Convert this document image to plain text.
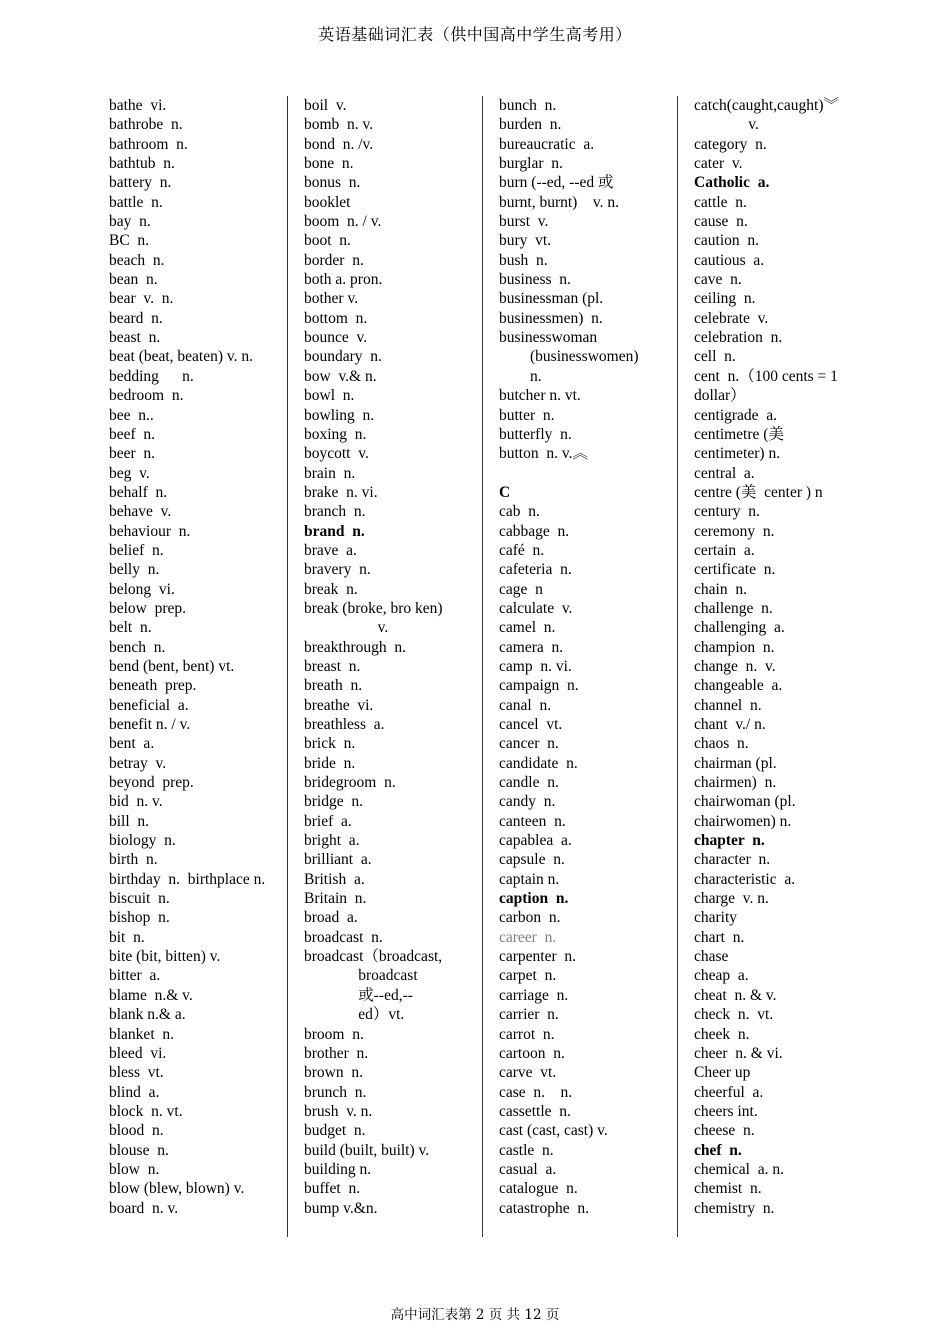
英语基础词汇表（供中国高中学生高考用）
bathe  vi.
bathrobe  n.
bathroom  n.
bathtub  n.
battery  n.
battle  n.
bay  n.
BC  n.
beach  n.
bean  n.
bear  v.  n.
beard  n.
beast  n.
beat (beat, beaten) v. n.
bedding      n.
bedroom  n.
bee  n..
beef  n.
beer  n.
beg  v.
behalf  n.
behave  v.
behaviour  n.
belief  n.
belly  n.
belong  vi.
below  prep.
belt  n.
bench  n.
bend (bent, bent) vt.
beneath  prep.
beneficial  a.
benefit n. / v.
bent  a.
betray  v.
beyond  prep.
bid  n. v.
bill  n.
biology  n.
birth  n.
birthday  n.  birthplace n.
biscuit  n.
bishop  n.
bit  n.
bite (bit, bitten) v.
bitter  a.
blame  n.& v.
blank n.& a.
blanket  n.
bleed  vi.
bless  vt.
blind  a.
block  n. vt.
blood  n.
blouse  n.
blow  n.
blow (blew, blown) v.
board  n. v.
boil  v.
bomb  n. v.
bond  n. /v.
bone  n.
bonus  n.
booklet
boom  n. / v.
boot  n.
border  n.
both a. pron.
bother v.
bottom  n.
bounce  v.
boundary  n.
bow  v.& n.
bowl  n.
bowling  n.
boxing  n.
boycott  v.
brain  n.
brake  n. vi.
branch  n.
brand  n.
brave  a.
bravery  n.
break  n.
break (broke, bro ken)
v.
breakthrough  n.
breast  n.
breath  n.
breathe  vi.
breathless  a.
brick  n.
bride  n.
bridegroom  n.
bridge  n.
brief  a.
bright  a.
brilliant  a.
British  a.
Britain  n.
broad  a.
broadcast  n.
broadcast（broadcast,
broadcast
或--ed,--
ed）vt.
broom  n.
brother  n.
brown  n.
brunch  n.
brush  v. n.
budget  n.
build (built, built) v.
building n.
buffet  n.
bump v.&n.
bunch  n.
burden  n.
bureaucratic  a.
burglar  n.
burn (--ed, --ed 或
burnt, burnt)    v. n.
burst  v.
bury  vt.
bush  n.
business  n.
businessman (pl.
businessmen)  n.
businesswoman
(businesswomen)
n.
butcher n. vt.
butter  n.
butterfly  n.
button  n. v.︽
C
cab  n.
cabbage  n.
café  n.
cafeteria  n.
cage  n
calculate  v.
camel  n.
camera  n.
camp  n. vi.
campaign  n.
canal  n.
cancel  vt.
cancer  n.
candidate  n.
candle  n.
candy  n.
canteen  n.
capablea  a.
capsule  n.
captain n.
caption  n.
carbon  n.
career  n.
carpenter  n.
carpet  n.
carriage  n.
carrier  n.
carrot  n.
cartoon  n.
carve  vt.
case  n.    n.
cassettle  n.
cast (cast, cast) v.
castle  n.
casual  a.
catalogue  n.
catastrophe  n.
catch(caught,caught)︾
v.
category  n.
cater  v.
Catholic  a.
cattle  n.
cause  n.
caution  n.
cautious  a.
cave  n.
ceiling  n.
celebrate  v.
celebration  n.
cell  n.
cent  n.（100 cents = 1
dollar）
centigrade  a.
centimetre (美
centimeter) n.
central  a.
centre (美  center ) n
century  n.
ceremony  n.
certain  a.
certificate  n.
chain  n.
challenge  n.
challenging  a.
champion  n.
change  n.  v.
changeable  a.
channel  n.
chant  v./ n.
chaos  n.
chairman (pl.
chairmen)  n.
chairwoman (pl.
chairwomen) n.
chapter  n.
character  n.
characteristic  a.
charge  v. n.
charity
chart  n.
chase
cheap  a.
cheat  n. & v.
check  n.  vt.
cheek  n.
cheer  n. & vi.
Cheer up
cheerful  a.
cheers int.
cheese  n.
chef  n.
chemical  a. n.
chemist  n.
chemistry  n.
高中词汇表第 2 页 共 12 页
